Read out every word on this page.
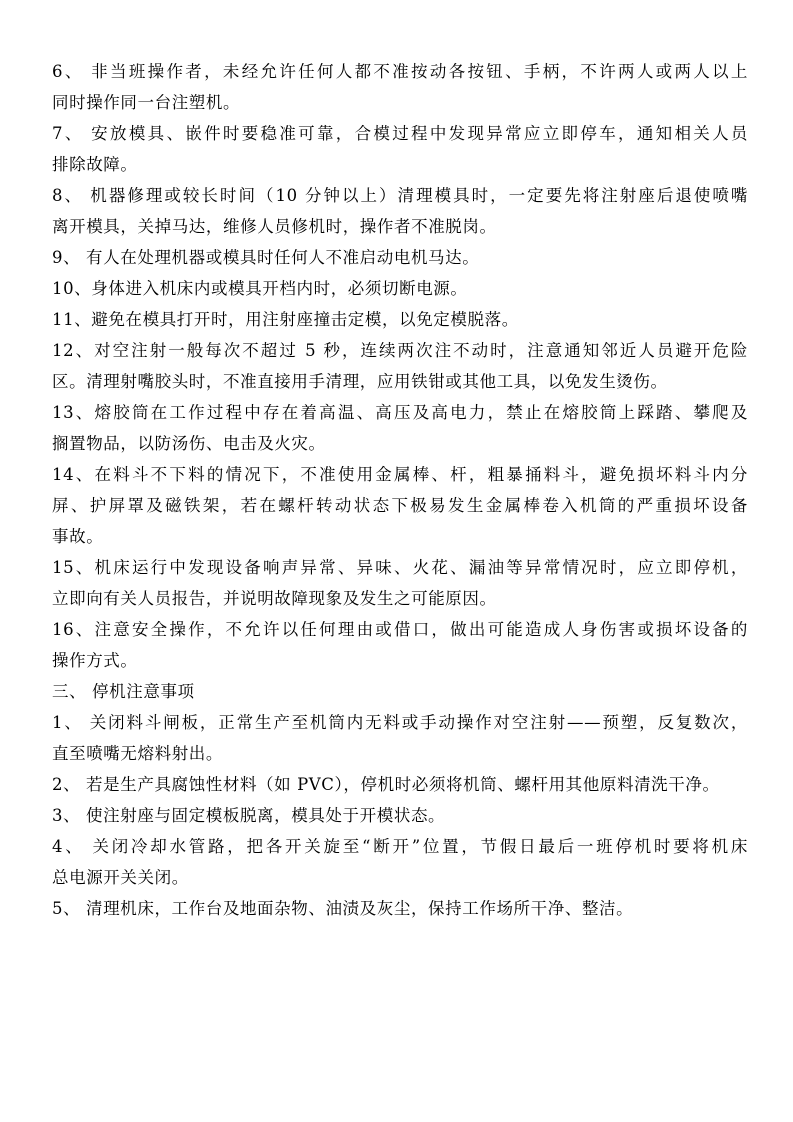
6、 非当班操作者，未经允许任何人都不准按动各按钮、手柄，不许两人或两人以上
同时操作同一台注塑机。
7、 安放模具、嵌件时要稳准可靠，合模过程中发现异常应立即停车，通知相关人员
排除故障。
8、 机器修理或较长时间（10 分钟以上）清理模具时，一定要先将注射座后退使喷嘴
离开模具，关掉马达，维修人员修机时，操作者不准脱岗。
9、 有人在处理机器或模具时任何人不准启动电机马达。
10、身体进入机床内或模具开档内时，必须切断电源。
11、避免在模具打开时，用注射座撞击定模，以免定模脱落。
12、对空注射一般每次不超过 5 秒，连续两次注不动时，注意通知邻近人员避开危险
区。清理射嘴胶头时，不准直接用手清理，应用铁钳或其他工具，以免发生烫伤。
13、熔胶筒在工作过程中存在着高温、高压及高电力，禁止在熔胶筒上踩踏、攀爬及
搁置物品，以防汤伤、电击及火灾。
14、在料斗不下料的情况下，不准使用金属棒、杆，粗暴捅料斗，避免损坏料斗内分
屏、护屏罩及磁铁架，若在螺杆转动状态下极易发生金属棒卷入机筒的严重损坏设备
事故。
15、机床运行中发现设备响声异常、异味、火花、漏油等异常情况时，应立即停机，
立即向有关人员报告，并说明故障现象及发生之可能原因。
16、注意安全操作，不允许以任何理由或借口，做出可能造成人身伤害或损坏设备的
操作方式。
三、 停机注意事项
1、 关闭料斗闸板，正常生产至机筒内无料或手动操作对空注射——预塑，反复数次，
直至喷嘴无熔料射出。
2、 若是生产具腐蚀性材料（如 PVC），停机时必须将机筒、螺杆用其他原料清洗干净。
3、 使注射座与固定模板脱离，模具处于开模状态。
4、 关闭冷却水管路，把各开关旋至“断开”位置，节假日最后一班停机时要将机床
总电源开关关闭。
5、 清理机床，工作台及地面杂物、油渍及灰尘，保持工作场所干净、整洁。
